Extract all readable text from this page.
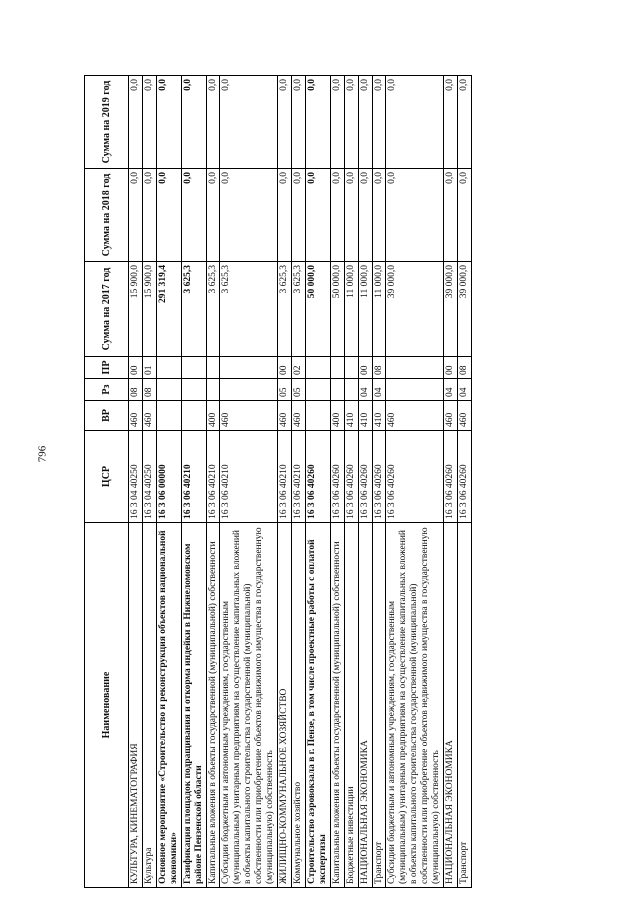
796
Наименование	ЦСР	ВР	Рз	ПР	Сумма на 2017 год	Сумма на 2018 год	Сумма на 2019 год
КУЛЬТУРА, КИНЕМАТОГРАФИЯ	16 3 04 40250	460	08	00	15 900,0	0,0	0,0
Культура	16 3 04 40250	460	08	01	15 900,0	0,0	0,0
Основное мероприятие «Строительство и реконструкция объектов национальной экономики»	16 3 06 00000				291 319,4	0,0	0,0
Газификация площадок подращивания и откорма индейки в Нижнеломовском районе Пензенской области	16 3 06 40210				3 625,3	0,0	0,0
Капитальные вложения в объекты государственной (муниципальной) собственности	16 3 06 40210	400			3 625,3	0,0	0,0
Субсидии бюджетным и автономным учреждениям, государственным (муниципальным) унитарным предприятиям на осуществление капитальных вложений в объекты капитального строительства государственной (муниципальной) собственности или приобретение объектов недвижимого имущества в государственную (муниципальную) собственность	16 3 06 40210	460			3 625,3	0,0	0,0
ЖИЛИЩНО-КОММУНАЛЬНОЕ ХОЗЯЙСТВО	16 3 06 40210	460	05	00	3 625,3	0,0	0,0
Коммунальное хозяйство	16 3 06 40210	460	05	02	3 625,3	0,0	0,0
Строительство аэровокзала в г. Пензе, в том числе проектные работы с оплатой экспертизы	16 3 06 40260				50 000,0	0,0	0,0
Капитальные вложения в объекты государственной (муниципальной) собственности	16 3 06 40260	400			50 000,0	0,0	0,0
Бюджетные инвестиции	16 3 06 40260	410			11 000,0	0,0	0,0
НАЦИОНАЛЬНАЯ ЭКОНОМИКА	16 3 06 40260	410	04	00	11 000,0	0,0	0,0
Транспорт	16 3 06 40260	410	04	08	11 000,0	0,0	0,0
Субсидии бюджетным и автономным учреждениям, государственным (муниципальным) унитарным предприятиям на осуществление капитальных вложений в объекты капитального строительства государственной (муниципальной) собственности или приобретение объектов недвижимого имущества в государственную (муниципальную) собственность	16 3 06 40260	460			39 000,0	0,0	0,0
НАЦИОНАЛЬНАЯ ЭКОНОМИКА	16 3 06 40260	460	04	00	39 000,0	0,0	0,0
Транспорт	16 3 06 40260	460	04	08	39 000,0	0,0	0,0
